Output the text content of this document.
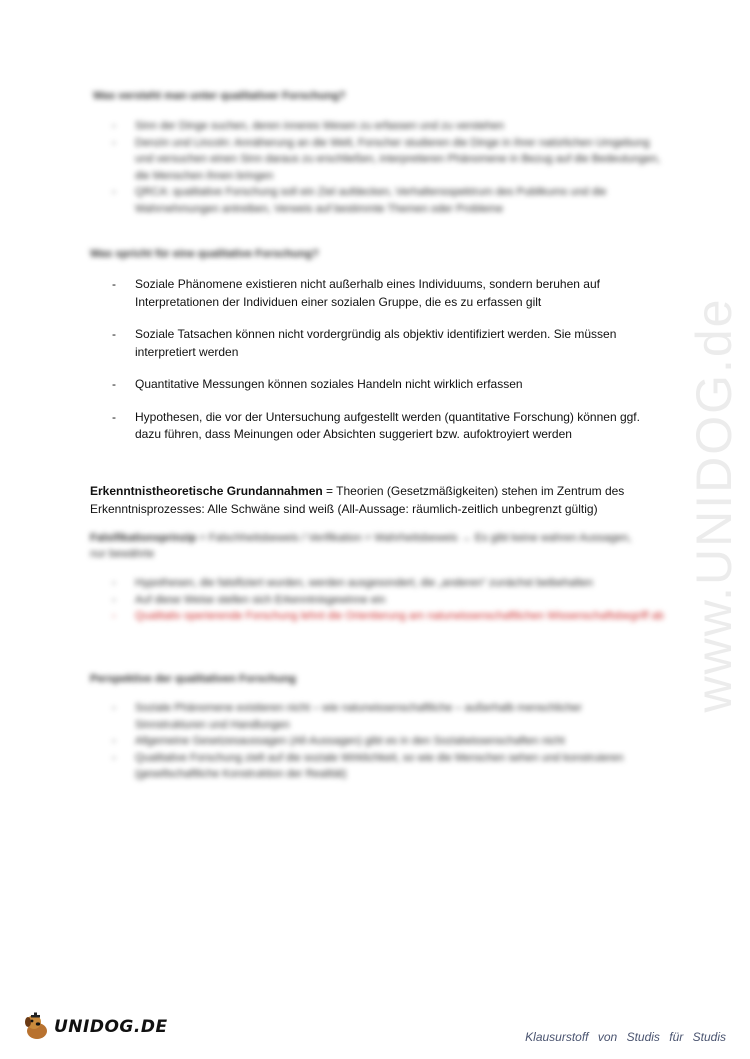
www.UNIDOG.de
Was versteht man unter qualitativer Forschung?
- Sinn der Dinge suchen, deren inneres Wesen zu erfassen und zu verstehen
- Denzin und Lincoln: Annäherung an die Welt, Forscher studieren die Dinge in ihrer natürlichen Umgebung und versuchen einen Sinn daraus zu erschließen, interpretieren Phänomene in Bezug auf die Bedeutungen, die Menschen ihnen bringen
- QRCA: qualitative Forschung soll ein Ziel aufdecken, Verhaltensspektrum des Publikums und die Wahrnehmungen antreiben, Verweis auf bestimmte Themen oder Probleme
Was spricht für eine qualitative Forschung?
- Soziale Phänomene existieren nicht außerhalb eines Individuums, sondern beruhen auf Interpretationen der Individuen einer sozialen Gruppe, die es zu erfassen gilt
- Soziale Tatsachen können nicht vordergründig als objektiv identifiziert werden. Sie müssen interpretiert werden
- Quantitative Messungen können soziales Handeln nicht wirklich erfassen
- Hypothesen, die vor der Untersuchung aufgestellt werden (quantitative Forschung) können ggf. dazu führen, dass Meinungen oder Absichten suggeriert bzw. aufoktroyiert werden
Erkenntnistheoretische Grundannahmen = Theorien (Gesetzmäßigkeiten) stehen im Zentrum des Erkenntnisprozesses: Alle Schwäne sind weiß (All-Aussage: räumlich-zeitlich unbegrenzt gültig)
Falsifikationsprinzip = Falschheitsbeweis / Verifikation = Wahrheitsbeweis → Es gibt keine wahren Aussagen, nur bewährte
- Hypothesen, die falsifiziert wurden, werden ausgesondert, die „anderen“ zunächst beibehalten
- Auf diese Weise stellen sich Erkenntnisgewinne ein
- Qualitativ operierende Forschung lehnt die Orientierung am naturwissenschaftlichen Wissenschaftsbegriff ab
Perspektive der qualitativen Forschung
- Soziale Phänomene existieren nicht – wie naturwissenschaftliche – außerhalb menschlicher Sinnstrukturen und Handlungen
- Allgemeine Gesetzesaussagen (All-Aussagen) gibt es in den Sozialwissenschaften nicht
- Qualitative Forschung zielt auf die soziale Wirklichkeit, so wie die Menschen sehen und konstruieren (gesellschaftliche Konstruktion der Realität)
UNIDOG.DE	Klausurstoff von Studis für Studis
